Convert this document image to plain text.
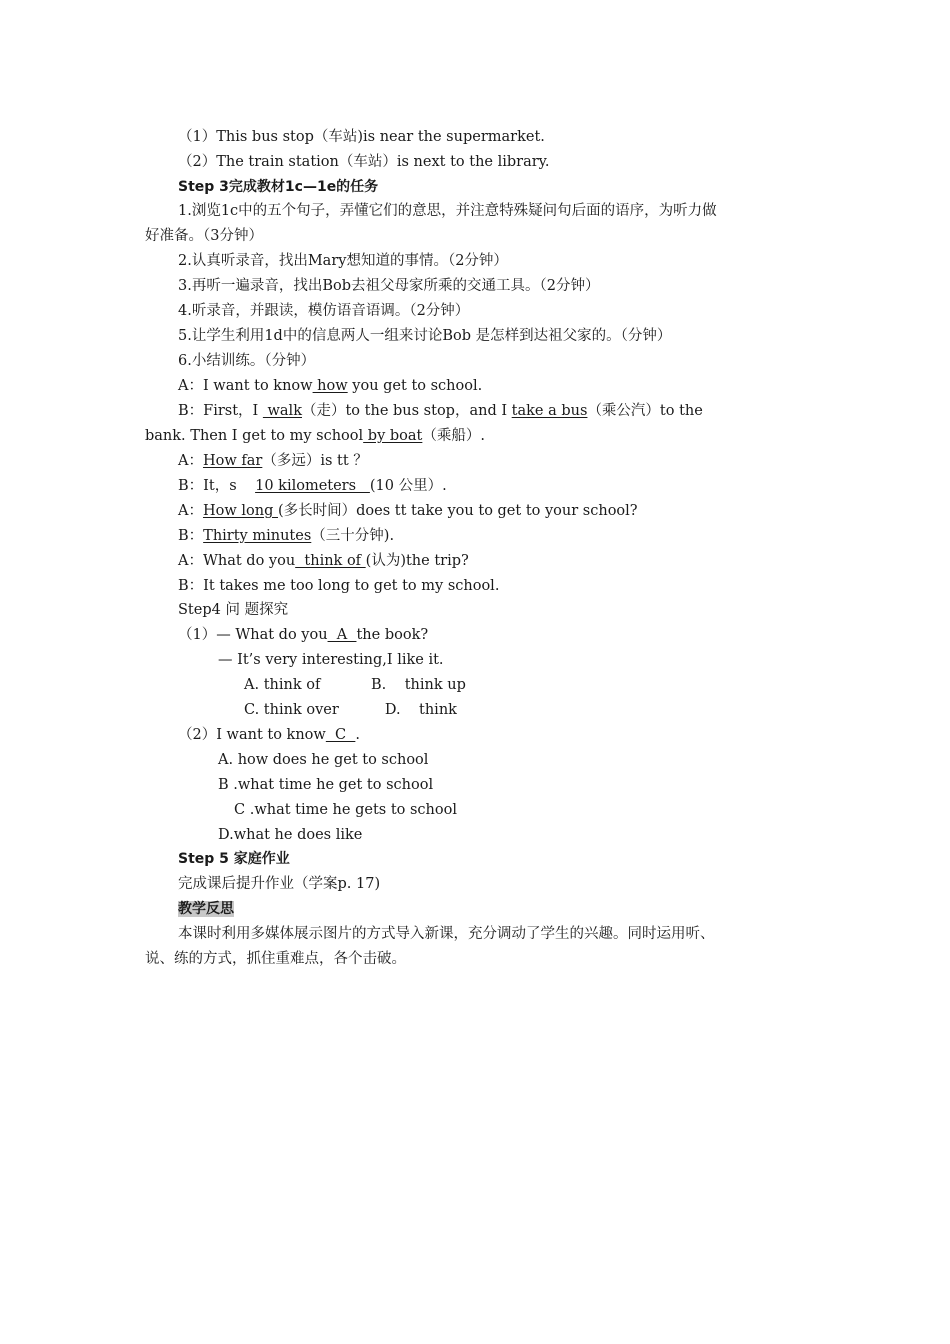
（1）This bus stop（车站)is near the supermarket.
（2）The train station（车站）is next to the library.
Step 3完成教材1c—1e的任务
1.浏览1c中的五个句子，弄懂它们的意思，并注意特殊疑问句后面的语序，为听力做
好准备。（3分钟）
2.认真听录音，找出Mary想知道的事情。（2分钟）
3.再听一遍录音，找出Bob去祖父母家所乘的交通工具。（2分钟）
4.听录音，并跟读，模仿语音语调。（2分钟）
5.让学生利用1d中的信息两人一组来讨论Bob 是怎样到达祖父家的。（分钟）
6.小结训练。（分钟）
A：I want to know how you get to school.
B：First，I  walk（走）to the bus stop，and I take a bus（乘公汽）to the
bank. Then I get to my school by boat（乘船）.
A：How far（多远）is tt ？
B：It，s    10 kilometers   (10 公里）.
A：How long (多长时间）does tt take you to get to your school?
B：Thirty minutes（三十分钟).
A：What do you  think of (认为)the trip?
B：It takes me too long to get to my school.
Step4 问 题探究
（1）— What do you  A  the book?
— It’s very interesting,I like it.
A. think of           B.    think up
C. think over          D.    think
（2）I want to know  C  .
A. how does he get to school
B .what time he get to school
C .what time he gets to school
D.what he does like
Step 5 家庭作业
完成课后提升作业（学案p. 17)
教学反思
本课时利用多媒体展示图片的方式导入新课，充分调动了学生的兴趣。同时运用听、
说、练的方式，抓住重难点，各个击破。
